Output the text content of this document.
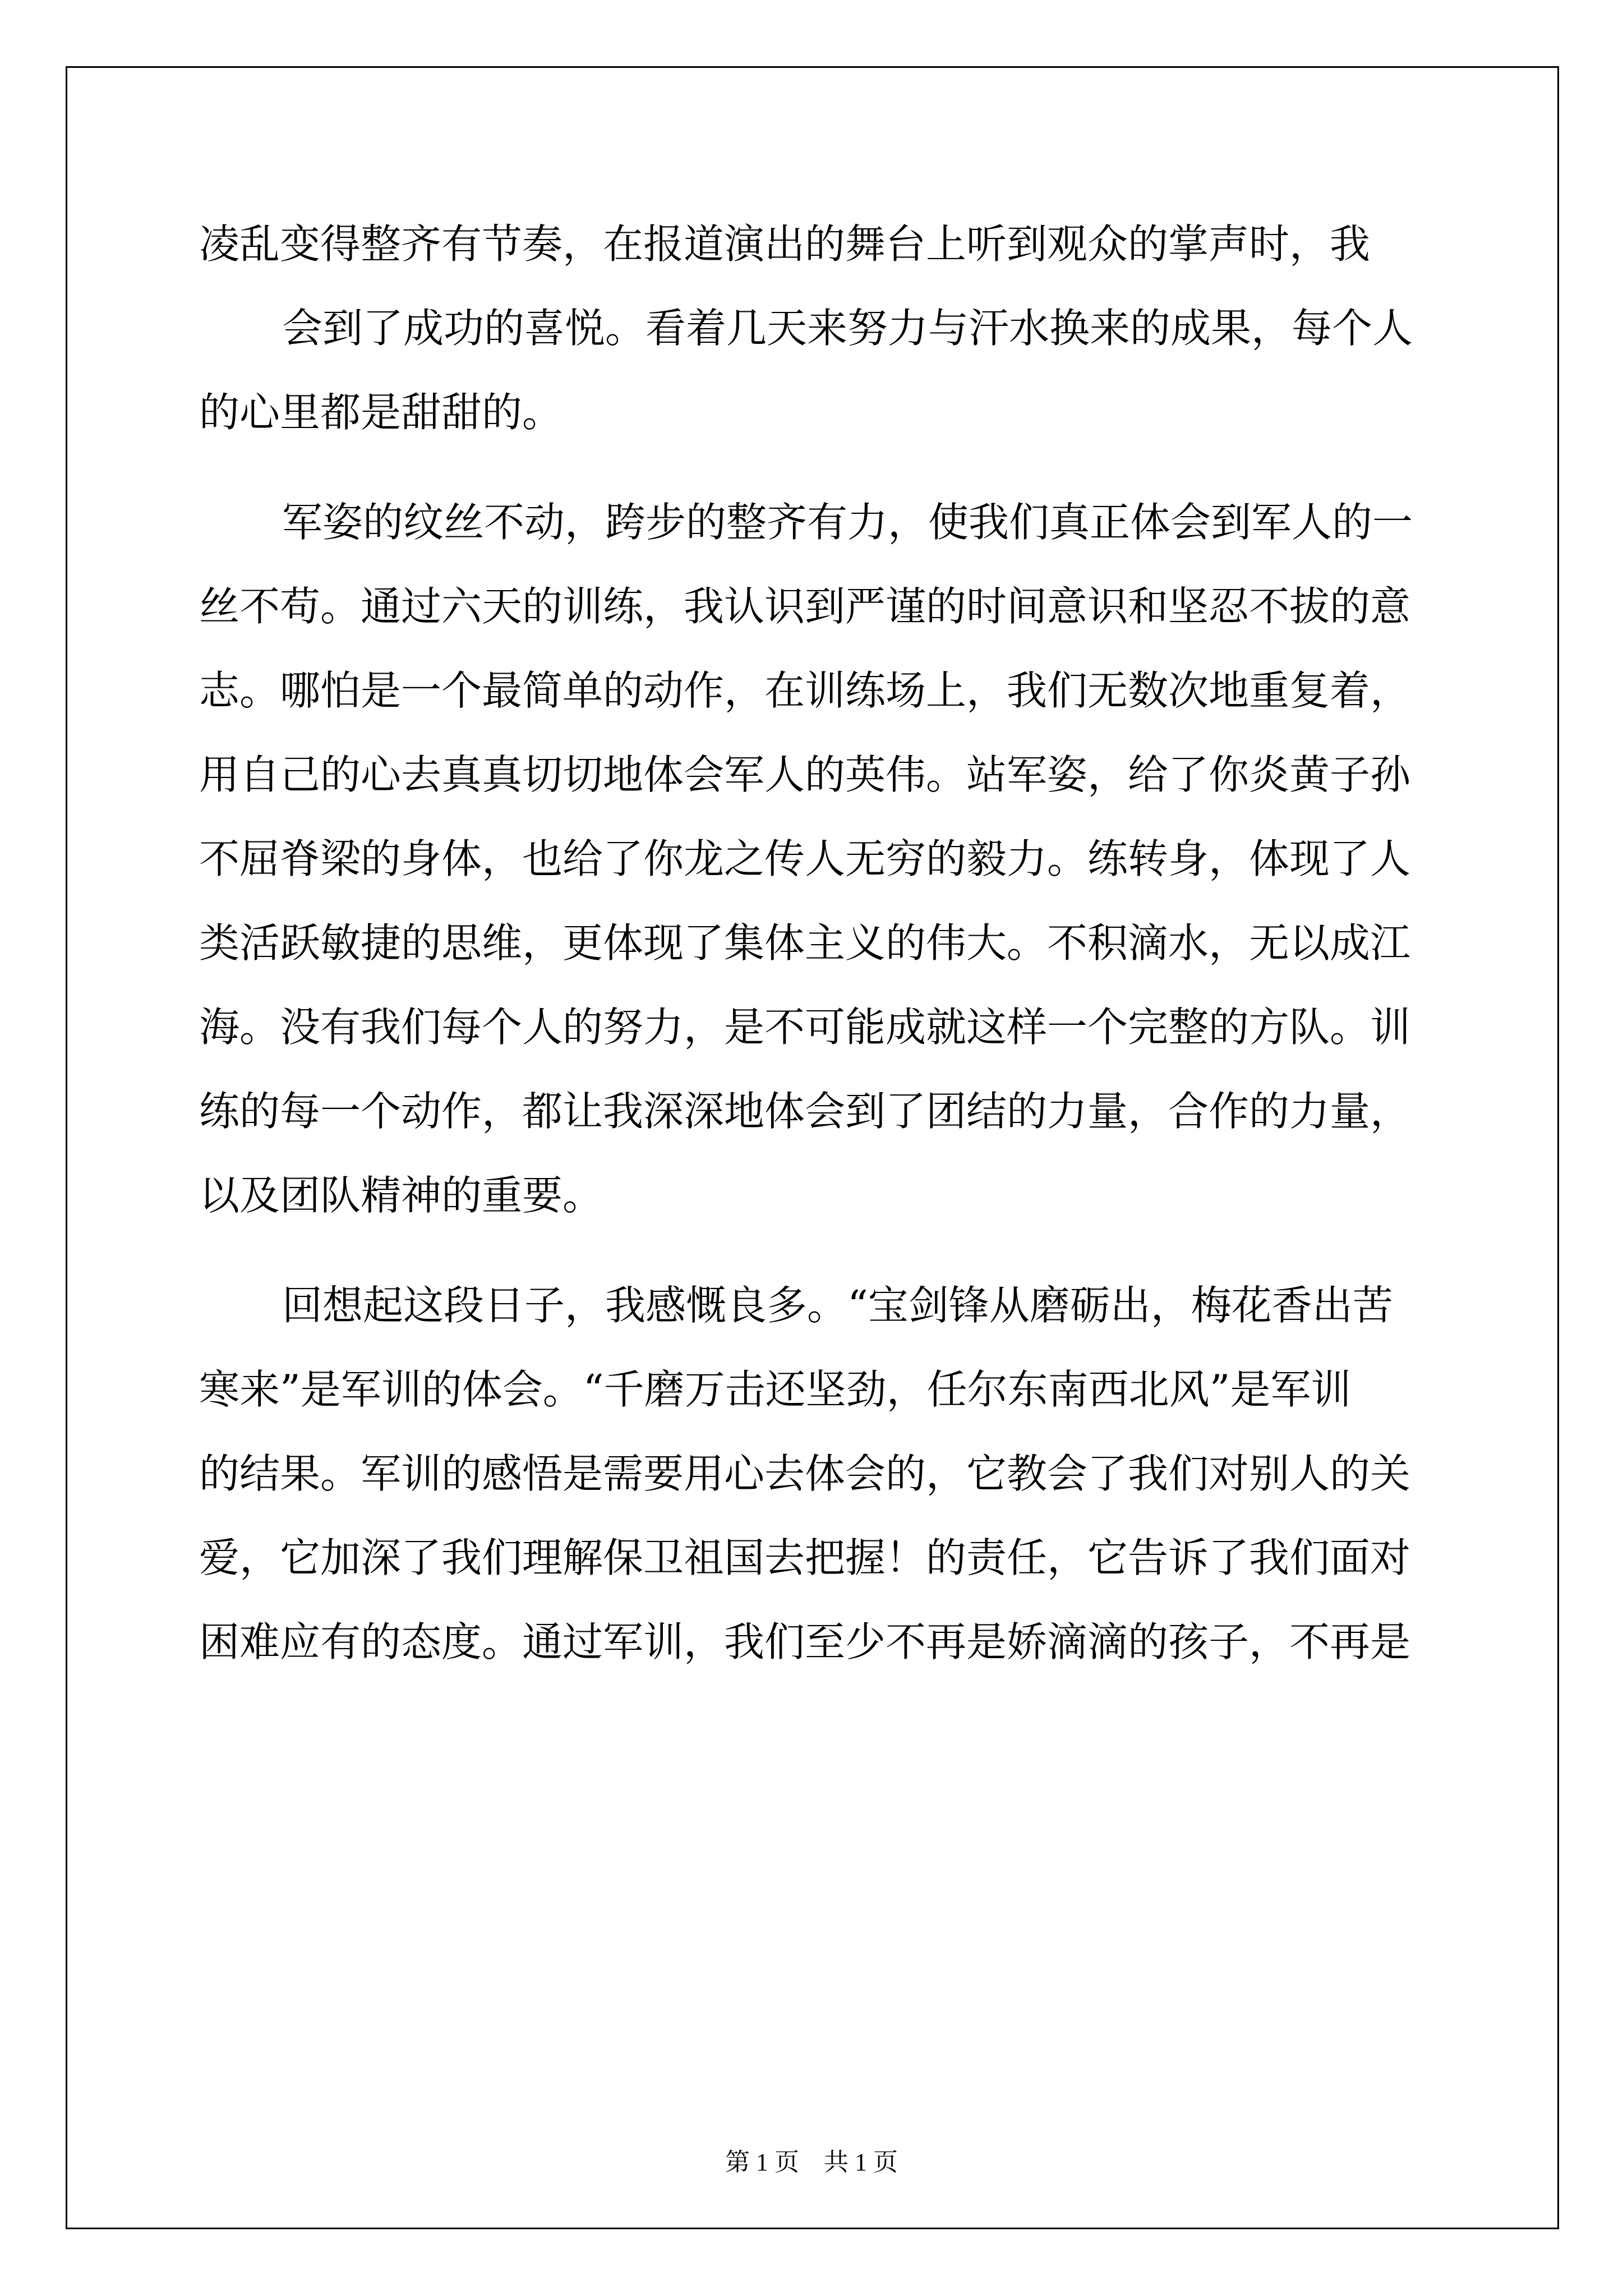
凌乱变得整齐有节奏，在报道演出的舞台上听到观众的掌声时，我
会到了成功的喜悦。看着几天来努力与汗水换来的成果，每个人
的心里都是甜甜的。
军姿的纹丝不动，跨步的整齐有力，使我们真正体会到军人的一
丝不苟。通过六天的训练，我认识到严谨的时间意识和坚忍不拔的意
志。哪怕是一个最简单的动作，在训练场上，我们无数次地重复着，
用自己的心去真真切切地体会军人的英伟。站军姿，给了你炎黄子孙
不屈脊梁的身体，也给了你龙之传人无穷的毅力。练转身，体现了人
类活跃敏捷的思维，更体现了集体主义的伟大。不积滴水，无以成江
海。没有我们每个人的努力，是不可能成就这样一个完整的方队。训
练的每一个动作，都让我深深地体会到了团结的力量，合作的力量，
以及团队精神的重要。
回想起这段日子，我感慨良多。“宝剑锋从磨砺出，梅花香出苦
寒来”是军训的体会。“千磨万击还坚劲，任尔东南西北风”是军训
的结果。军训的感悟是需要用心去体会的，它教会了我们对别人的关
爱，它加深了我们理解保卫祖国去把握！的责任，它告诉了我们面对
困难应有的态度。通过军训，我们至少不再是娇滴滴的孩子，不再是
第 1 页　共 1 页
